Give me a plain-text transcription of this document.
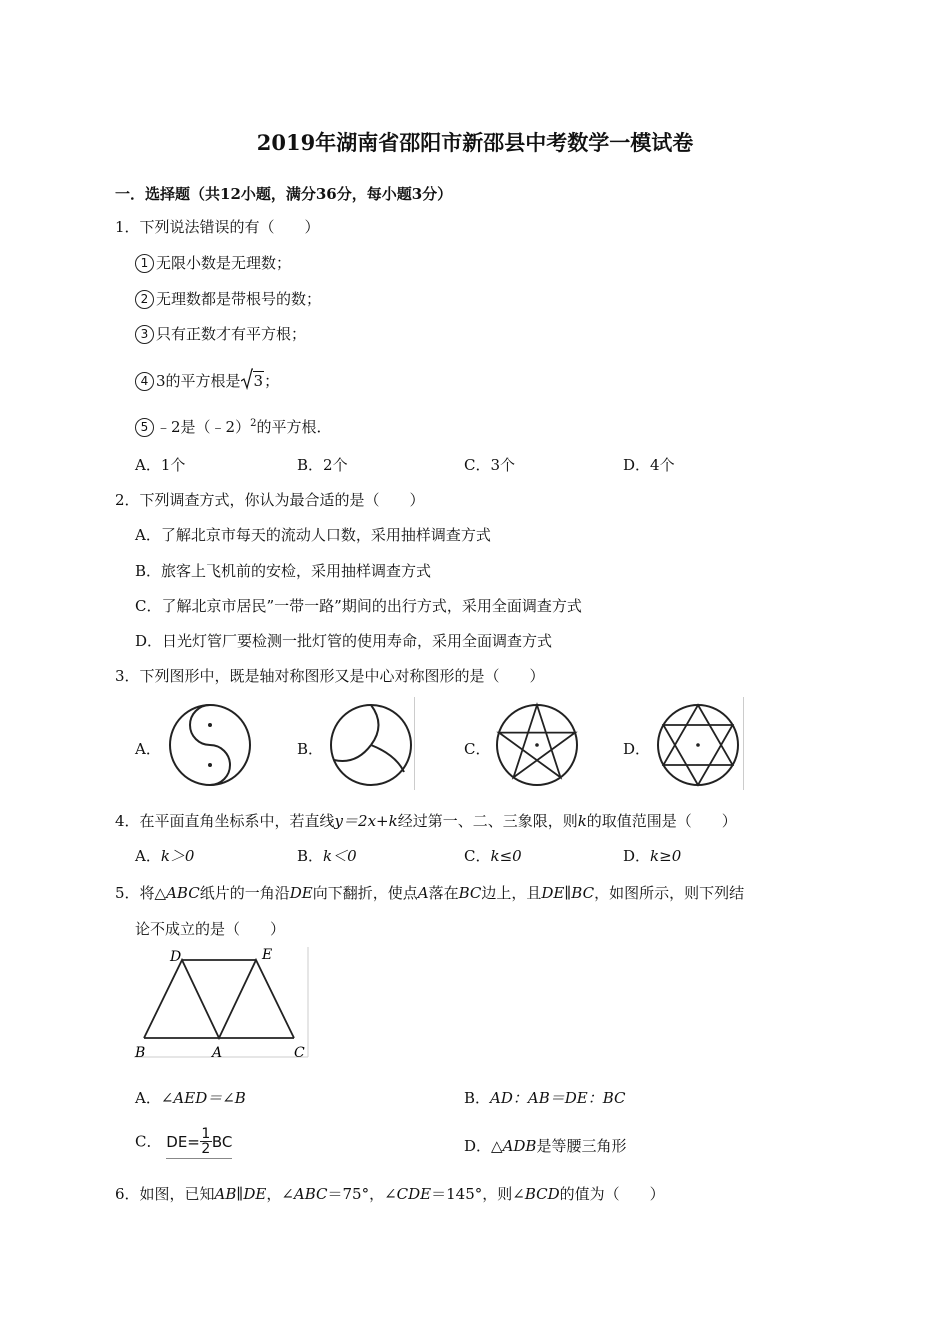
2019年湖南省邵阳市新邵县中考数学一模试卷
一．选择题（共12小题，满分36分，每小题3分）
1．下列说法错误的有（　　）
1 无限小数是无理数；
2 无理数都是带根号的数；
3 只有正数才有平方根；
4 3的平方根是 3；
5 ﹣2是（﹣2）$^2$的平方根．
A．1个	B．2个	C．3个	D．4个
2．下列调查方式，你认为最合适的是（　　）
A．了解北京市每天的流动人口数，采用抽样调查方式
B．旅客上飞机前的安检，采用抽样调查方式
C．了解北京市居民”一带一路”期间的出行方式，采用全面调查方式
D．日光灯管厂要检测一批灯管的使用寿命，采用全面调查方式
3．下列图形中，既是轴对称图形又是中心对称图形的是（　　）
A．	B．	C．	D．
4．在平面直角坐标系中，若直线y＝2x+k经过第一、二、三象限，则k的取值范围是（　　）
A．k＞0	B．k＜0	C．k≤0	D．k≥0
5．将△ABC纸片的一角沿DE向下翻折，使点A落在BC边上，且DE∥BC，如图所示，则下列结
论不成立的是（　　）
D	E
B	A	C
A．∠AED＝∠B	B．AD：AB＝DE：BC
C． $DE= \frac{1}{2}$ BC	D．△ADB是等腰三角形
6．如图，已知AB∥DE，∠ABC＝75°，∠CDE＝145°，则∠BCD的值为（　　）
